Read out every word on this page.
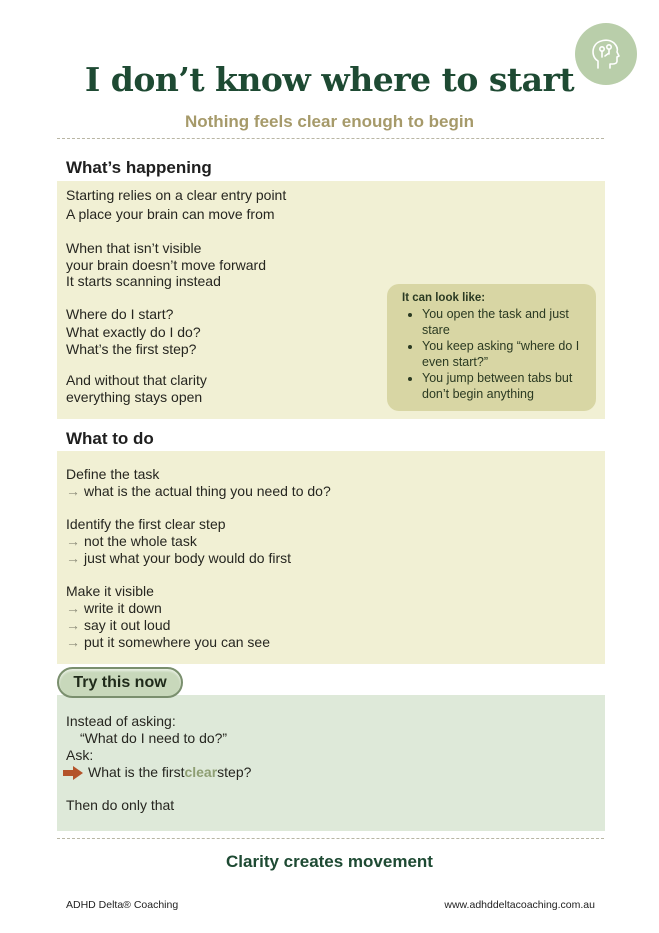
I don’t know where to start

Nothing feels clear enough to begin

What’s happening
Starting relies on a clear entry point
A place your brain can move from
When that isn’t visible
your brain doesn’t move forward
It starts scanning instead
Where do I start?
What exactly do I do?
What’s the first step?
And without that clarity
everything stays open
It can look like:
• You open the task and just stare
• You keep asking “where do I even start?”
• You jump between tabs but don’t begin anything
What to do
Define the task
→ what is the actual thing you need to do?
Identify the first clear step
→ not the whole task
→ just what your body would do first
Make it visible
→ write it down
→ say it out loud
→ put it somewhere you can see
Instead of asking:
“What do I need to do?”
Ask:
What is the first clear step?
Then do only that
Try this now

Clarity creates movement

ADHD Delta® Coaching	www.adhddeltacoaching.com.au
